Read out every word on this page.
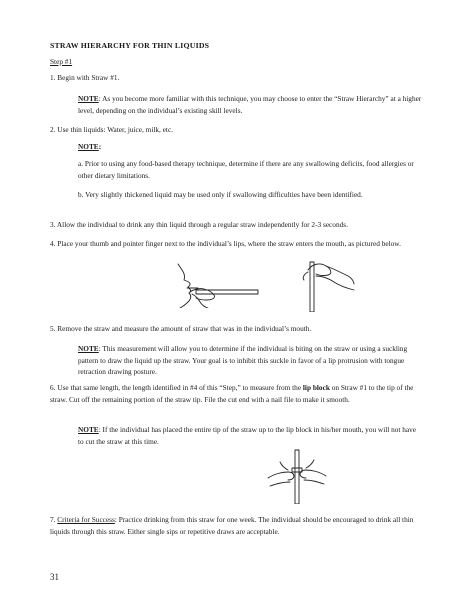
STRAW HIERARCHY FOR THIN LIQUIDS

Step #1

1. Begin with Straw #1.

NOTE: As you become more familiar with this technique, you may choose to enter the “Straw Hierarchy” at a higher level, depending on the individual’s existing skill levels.

2. Use thin liquids: Water, juice, milk, etc.

NOTE:

a. Prior to using any food-based therapy technique, determine if there are any swallowing deficits, food allergies or other dietary limitations.

b. Very slightly thickened liquid may be used only if swallowing difficulties have been identified.

3. Allow the individual to drink any thin liquid through a regular straw independently for 2-3 seconds.

4. Place your thumb and pointer finger next to the individual’s lips, where the straw enters the mouth, as pictured below.

5. Remove the straw and measure the amount of straw that was in the individual’s mouth.

NOTE: This measurement will allow you to determine if the individual is biting on the straw or using a suckling pattern to draw the liquid up the straw. Your goal is to inhibit this suckle in favor of a lip protrusion with tongue retraction drawing posture.

6. Use that same length, the length identified in #4 of this “Step,” to measure from the lip block on Straw #1 to the tip of the straw. Cut off the remaining portion of the straw tip. File the cut end with a nail file to make it smooth.

NOTE: If the individual has placed the entire tip of the straw up to the lip block in his/her mouth, you will not have to cut the straw at this time.

7. Criteria for Success: Practice drinking from this straw for one week. The individual should be encouraged to drink all thin liquids through this straw. Either single sips or repetitive draws are acceptable.

31
